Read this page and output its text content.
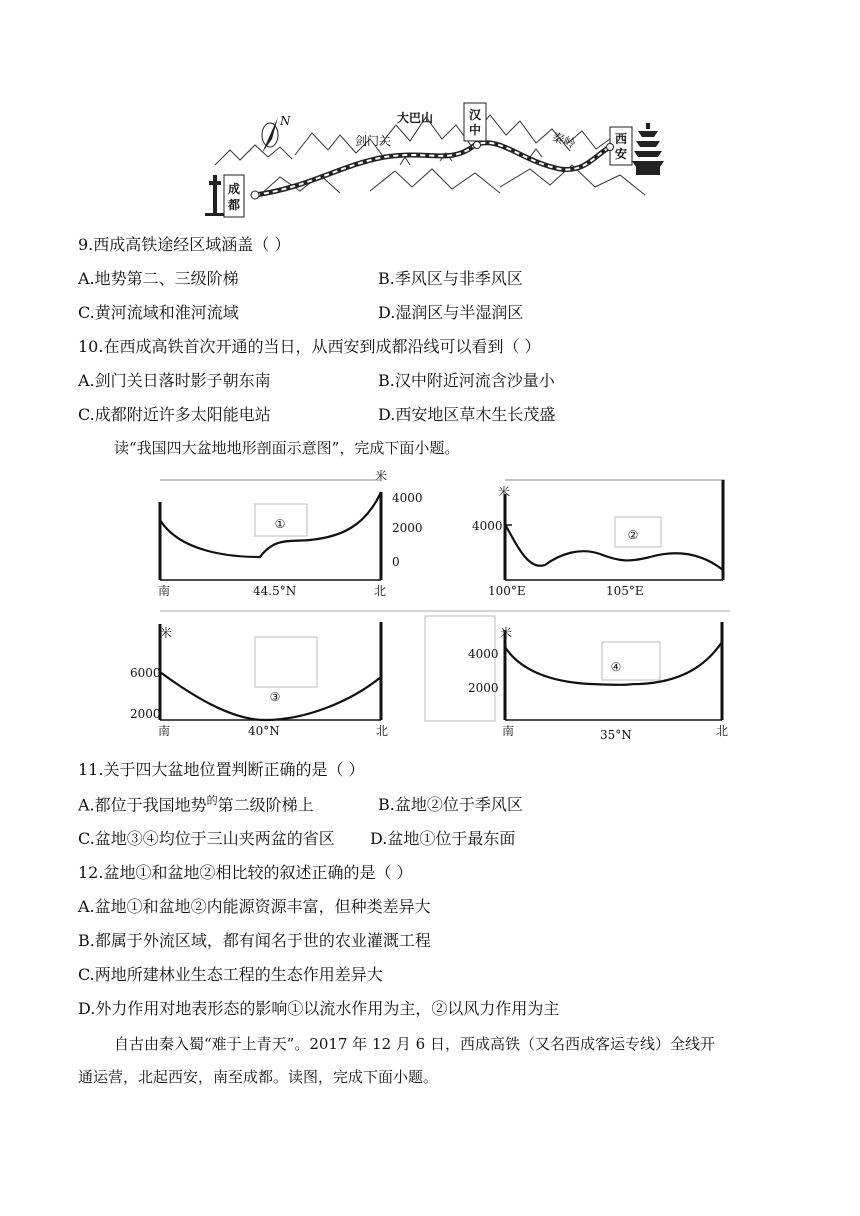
N
成都
剑门关
大巴山	汉中	秦岭	西安
9.西成高铁途经区域涵盖（ ）
A.地势第二、三级阶梯	B.季风区与非季风区
C.黄河流域和淮河流域	D.湿润区与半湿润区
10.在西成高铁首次开通的当日，从西安到成都沿线可以看到（ ）
A.剑门关日落时影子朝东南	B.汉中附近河流含沙量小
C.成都附近许多太阳能电站	D.西安地区草木生长茂盛
读“我国四大盆地地形剖面示意图”，完成下面小题。
①
米
4000
2000
0
南	44.5°N	北
②
米
4000
100°E	105°E
③
米
6000
2000
南	40°N	北
④
米
4000
2000
南	35°N	北
11.关于四大盆地位置判断正确的是（ ）
A.都位于我国地势$^的$第二级阶梯上	B.盆地②位于季风区
C.盆地③④均位于三山夹两盆的省区 D.盆地①位于最东面
12.盆地①和盆地②相比较的叙述正确的是（ ）
A.盆地①和盆地②内能源资源丰富，但种类差异大
B.都属于外流区域，都有闻名于世的农业灌溉工程
C.两地所建林业生态工程的生态作用差异大
D.外力作用对地表形态的影响①以流水作用为主，②以风力作用为主
自古由秦入蜀“难于上青天”。2017 年 12 月 6 日，西成高铁（又名西成客运专线）全线开
通运营，北起西安，南至成都。读图，完成下面小题。
